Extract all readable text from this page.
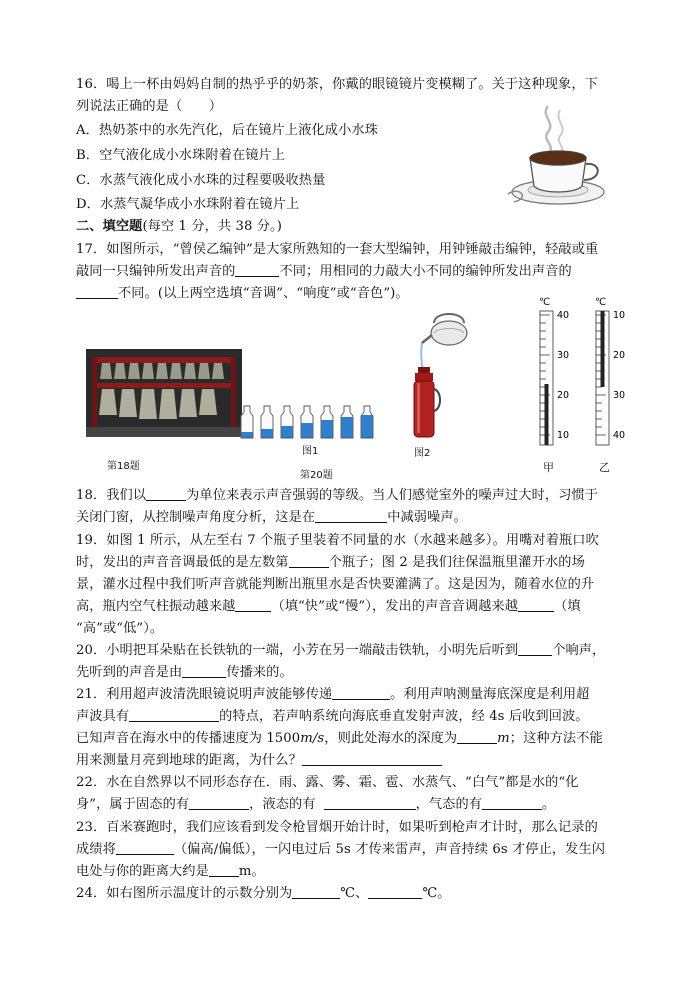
16．喝上一杯由妈妈自制的热乎乎的奶茶，你戴的眼镜镜片变模糊了。关于这种现象，下
列说法正确的是（　　）
A．热奶茶中的水先汽化，后在镜片上液化成小水珠
B．空气液化成小水珠附着在镜片上
C．水蒸气液化成小水珠的过程要吸收热量
D．水蒸气凝华成小水珠附着在镜片上
二、填空题(每空 1 分，共 38 分。)
17．如图所示，“曾侯乙编钟”是大家所熟知的一套大型编钟，用钟锤敲击编钟，轻敲或重
敲同一只编钟所发出声音的	不同；用相同的力敲大小不同的编钟所发出声音的
不同。(以上两空选填“音调”、“响度”或“音色”)。
第18题
图1
第20题
图2
℃
40
30
20
10
甲
℃
10
20
30
40
乙
18．我们以	为单位来表示声音强弱的等级。当人们感觉室外的噪声过大时，习惯于
关闭门窗，从控制噪声角度分析，这是在	中减弱噪声。
19．如图 1 所示，从左至右 7 个瓶子里装着不同量的水（水越来越多）。用嘴对着瓶口吹
时，发出的声音音调最低的是左数第	个瓶子；图 2 是我们往保温瓶里灌开水的场
景，灌水过程中我们听声音就能判断出瓶里水是否快要灌满了。这是因为，随着水位的升
高，瓶内空气柱振动越来越	（填“快”或“慢”），发出的声音音调越来越	（填
“高”或“低”）。
20．小明把耳朵贴在长铁轨的一端，小芳在另一端敲击铁轨，小明先后听到	个响声，
先听到的声音是由	传播来的。
21．利用超声波清洗眼镜说明声波能够传递	。利用声呐测量海底深度是利用超
声波具有	的特点，若声呐系统向海底垂直发射声波，经 4s 后收到回波。
已知声音在海水中的传播速度为 1500m/s，则此处海水的深度为	m；这种方法不能
用来测量月亮到地球的距离，为什么？
22．水在自然界以不同形态存在．雨、露、雾、霜、雹、水蒸气、“白气”都是水的“化
身”，属于固态的有	，液态的有	，气态的有	。
23．百米赛跑时，我们应该看到发令枪冒烟开始计时，如果听到枪声才计时，那么记录的
成绩将	（偏高/偏低），一闪电过后 5s 才传来雷声，声音持续 6s 才停止，发生闪
电处与你的距离大约是 m。
24．如右图所示温度计的示数分别为	℃、	℃。
